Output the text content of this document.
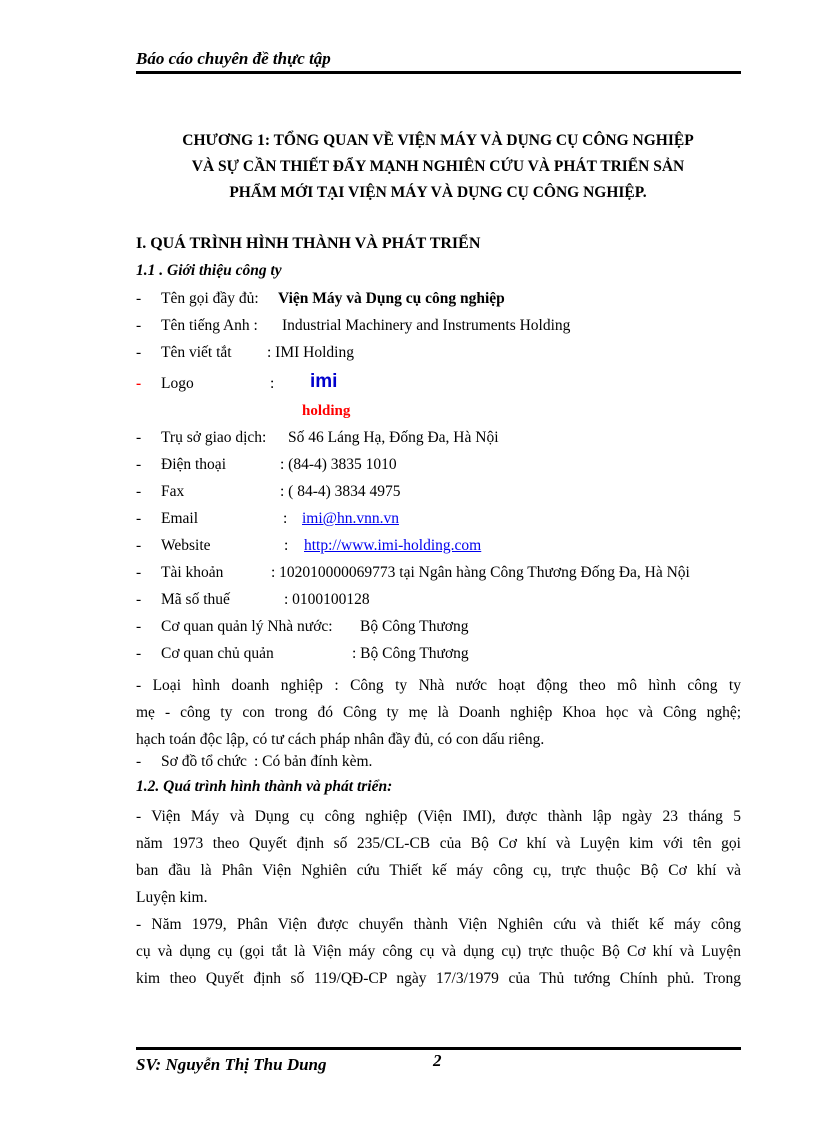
Báo cáo chuyên đề thực tập
CHƯƠNG 1: TỔNG QUAN VỀ VIỆN MÁY VÀ DỤNG CỤ CÔNG NGHIỆP
VÀ SỰ CẦN THIẾT ĐẨY MẠNH NGHIÊN CỨU VÀ PHÁT TRIỂN SẢN
PHẨM MỚI TẠI VIỆN MÁY VÀ DỤNG CỤ CÔNG NGHIỆP.
I. QUÁ TRÌNH HÌNH THÀNH VÀ PHÁT TRIỂN
1.1 . Giới thiệu công ty
- Tên gọi đầy đủ: Viện Máy và Dụng cụ công nghiệp
- Tên tiếng Anh : Industrial Machinery and Instruments Holding
- Tên viết tắt : IMI Holding
- Logo	: imi
holding
- Trụ sở giao dịch: Số 46 Láng Hạ, Đống Đa, Hà Nội
- Điện thoại	: (84-4) 3835 1010
- Fax	: ( 84-4) 3834 4975
- Email	: imi@hn.vnn.vn
- Website	: http://www.imi-holding.com
- Tài khoản	: 102010000069773 tại Ngân hàng Công Thương Đống Đa, Hà Nội
- Mã số thuế	: 0100100128
- Cơ quan quản lý Nhà nước: Bộ Công Thương
- Cơ quan chủ quản	: Bộ Công Thương
- Loại hình doanh nghiệp : Công ty Nhà nước hoạt động theo mô hình công ty
mẹ - công ty con trong đó Công ty mẹ là Doanh nghiệp Khoa học và Công nghệ;
hạch toán độc lập, có tư cách pháp nhân đầy đủ, có con dấu riêng.
- Sơ đồ tổ chức : Có bản đính kèm.
1.2. Quá trình hình thành và phát triển:
- Viện Máy và Dụng cụ công nghiệp (Viện IMI), được thành lập ngày 23 tháng 5
năm 1973 theo Quyết định số 235/CL-CB của Bộ Cơ khí và Luyện kim với tên gọi
ban đầu là Phân Viện Nghiên cứu Thiết kế máy công cụ, trực thuộc Bộ Cơ khí và
Luyện kim.
- Năm 1979, Phân Viện được chuyển thành Viện Nghiên cứu và thiết kế máy công
cụ và dụng cụ (gọi tắt là Viện máy công cụ và dụng cụ) trực thuộc Bộ Cơ khí và Luyện
kim theo Quyết định số 119/QĐ-CP ngày 17/3/1979 của Thủ tướng Chính phủ. Trong
SV: Nguyễn Thị Thu Dung	2
